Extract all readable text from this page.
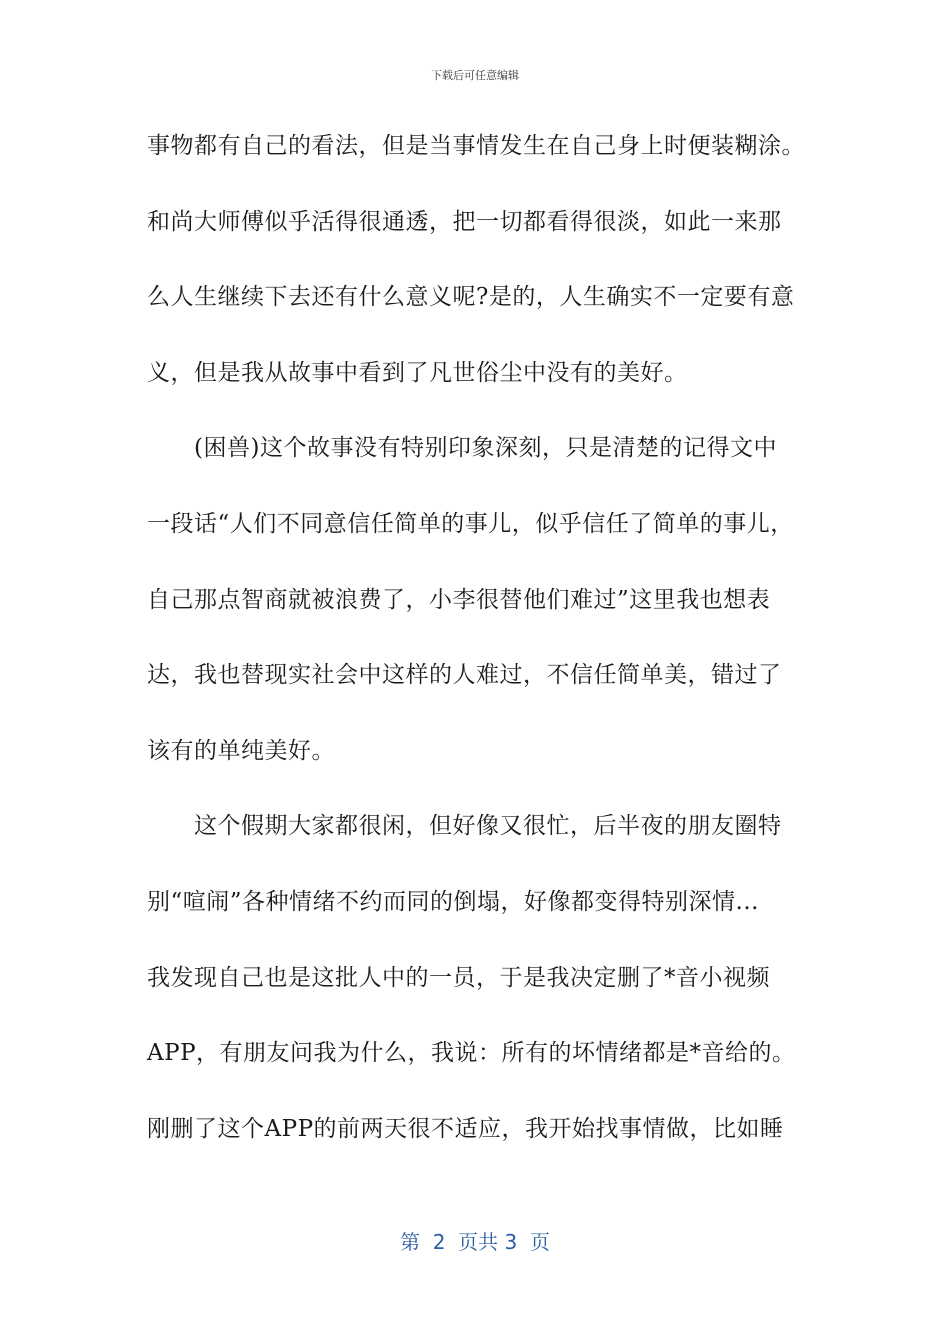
下载后可任意编辑
事物都有自己的看法，但是当事情发生在自己身上时便装糊涂。
和尚大师傅似乎活得很通透，把一切都看得很淡，如此一来那
么人生继续下去还有什么意义呢?是的，人生确实不一定要有意
义，但是我从故事中看到了凡世俗尘中没有的美好。
(困兽)这个故事没有特别印象深刻，只是清楚的记得文中
一段话“人们不同意信任简单的事儿，似乎信任了简单的事儿，
自己那点智商就被浪费了，小李很替他们难过”这里我也想表
达，我也替现实社会中这样的人难过，不信任简单美，错过了
该有的单纯美好。
这个假期大家都很闲，但好像又很忙，后半夜的朋友圈特
别“喧闹”各种情绪不约而同的倒塌，好像都变得特别深情...
我发现自己也是这批人中的一员，于是我决定删了*音小视频
APP，有朋友问我为什么，我说：所有的坏情绪都是*音给的。
刚删了这个APP的前两天很不适应，我开始找事情做，比如睡
第  2  页共 3  页
